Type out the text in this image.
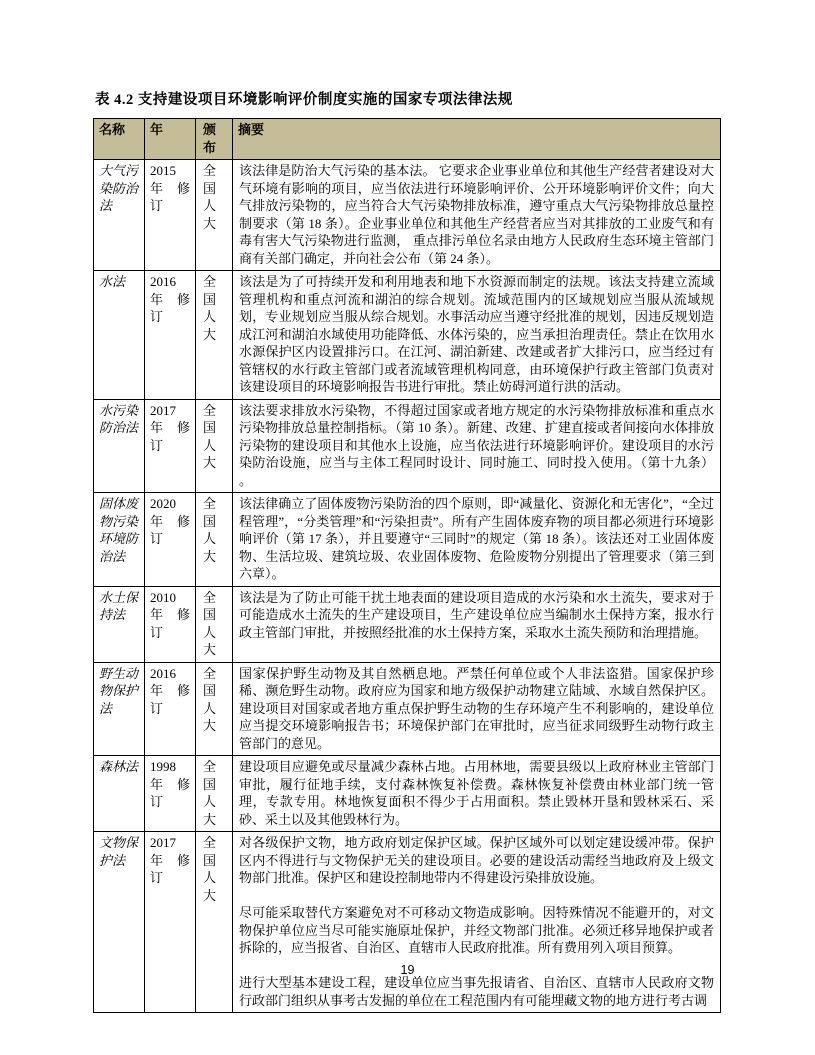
表 4.2 支持建设项目环境影响评价制度实施的国家专项法律法规
名称	年	颁布	摘要
大气污染防治法	2015 年 修订	全国人大	该法律是防治大气污染的基本法。 它要求企业事业单位和其他生产经营者建设对大气环境有影响的项目，应当依法进行环境影响评价、公开环境影响评价文件；向大气排放污染物的，应当符合大气污染物排放标准，遵守重点大气污染物排放总量控制要求（第 18 条）。企业事业单位和其他生产经营者应当对其排放的工业废气和有毒有害大气污染物进行监测， 重点排污单位名录由地方人民政府生态环境主管部门商有关部门确定，并向社会公布（第 24 条）。

水法	2016 年 修订	全国人大	该法是为了可持续开发和利用地表和地下水资源而制定的法规。该法支持建立流域管理机构和重点河流和湖泊的综合规划。流域范围内的区域规划应当服从流域规划，专业规划应当服从综合规划。水事活动应当遵守经批准的规划，因违反规划造成江河和湖泊水域使用功能降低、水体污染的，应当承担治理责任。禁止在饮用水水源保护区内设置排污口。在江河、湖泊新建、改建或者扩大排污口，应当经过有管辖权的水行政主管部门或者流域管理机构同意，由环境保护行政主管部门负责对该建设项目的环境影响报告书进行审批。禁止妨碍河道行洪的活动。

水污染防治法	2017 年 修订	全国人大	该法要求排放水污染物，不得超过国家或者地方规定的水污染物排放标准和重点水污染物排放总量控制指标。（第 10 条）。新建、改建、扩建直接或者间接向水体排放污染物的建设项目和其他水上设施，应当依法进行环境影响评价。建设项目的水污染防治设施，应当与主体工程同时设计、同时施工、同时投入使用。（第十九条） 。

固体废物污染环境防治法	2020 年 修订	全国人大	该法律确立了固体废物污染防治的四个原则，即“减量化、资源化和无害化”，“全过程管理”，“分类管理”和“污染担责”。所有产生固体废弃物的项目都必须进行环境影响评价（第 17 条），并且要遵守“三同时”的规定（第 18 条）。该法还对工业固体废物、生活垃圾、建筑垃圾、农业固体废物、危险废物分别提出了管理要求（第三到六章）。

水土保持法	2010 年 修订	全国人大	该法是为了防止可能干扰土地表面的建设项目造成的水污染和水土流失，要求对于可能造成水土流失的生产建设项目，生产建设单位应当编制水土保持方案，报水行政主管部门审批，并按照经批准的水土保持方案，采取水土流失预防和治理措施。

野生动物保护法	2016 年 修订	全国人大	国家保护野生动物及其自然栖息地。严禁任何单位或个人非法盗猎。国家保护珍稀、濒危野生动物。政府应为国家和地方级保护动物建立陆域、水域自然保护区。建设项目对国家或者地方重点保护野生动物的生存环境产生不利影响的，建设单位应当提交环境影响报告书；环境保护部门在审批时，应当征求同级野生动物行政主管部门的意见。

森林法	1998 年 修订	全国人大	建设项目应避免或尽量减少森林占地。占用林地，需要县级以上政府林业主管部门审批，履行征地手续，支付森林恢复补偿费。森林恢复补偿费由林业部门统一管理，专款专用。林地恢复面积不得少于占用面积。禁止毁林开垦和毁林采石、采砂、采土以及其他毁林行为。

文物保护法	2017 年 修订	全国人大	对各级保护文物，地方政府划定保护区域。保护区域外可以划定建设缓冲带。保护区内不得进行与文物保护无关的建设项目。必要的建设活动需经当地政府及上级文物部门批准。保护区和建设控制地带内不得建设污染排放设施。

尽可能采取替代方案避免对不可移动文物造成影响。因特殊情况不能避开的，对文物保护单位应当尽可能实施原址保护，并经文物部门批准。必须迁移异地保护或者拆除的，应当报省、自治区、直辖市人民政府批准。所有费用列入项目预算。

进行大型基本建设工程，建设单位应当事先报请省、自治区、直辖市人民政府文物行政部门组织从事考古发掘的单位在工程范围内有可能埋藏文物的地方进行考古调

19
